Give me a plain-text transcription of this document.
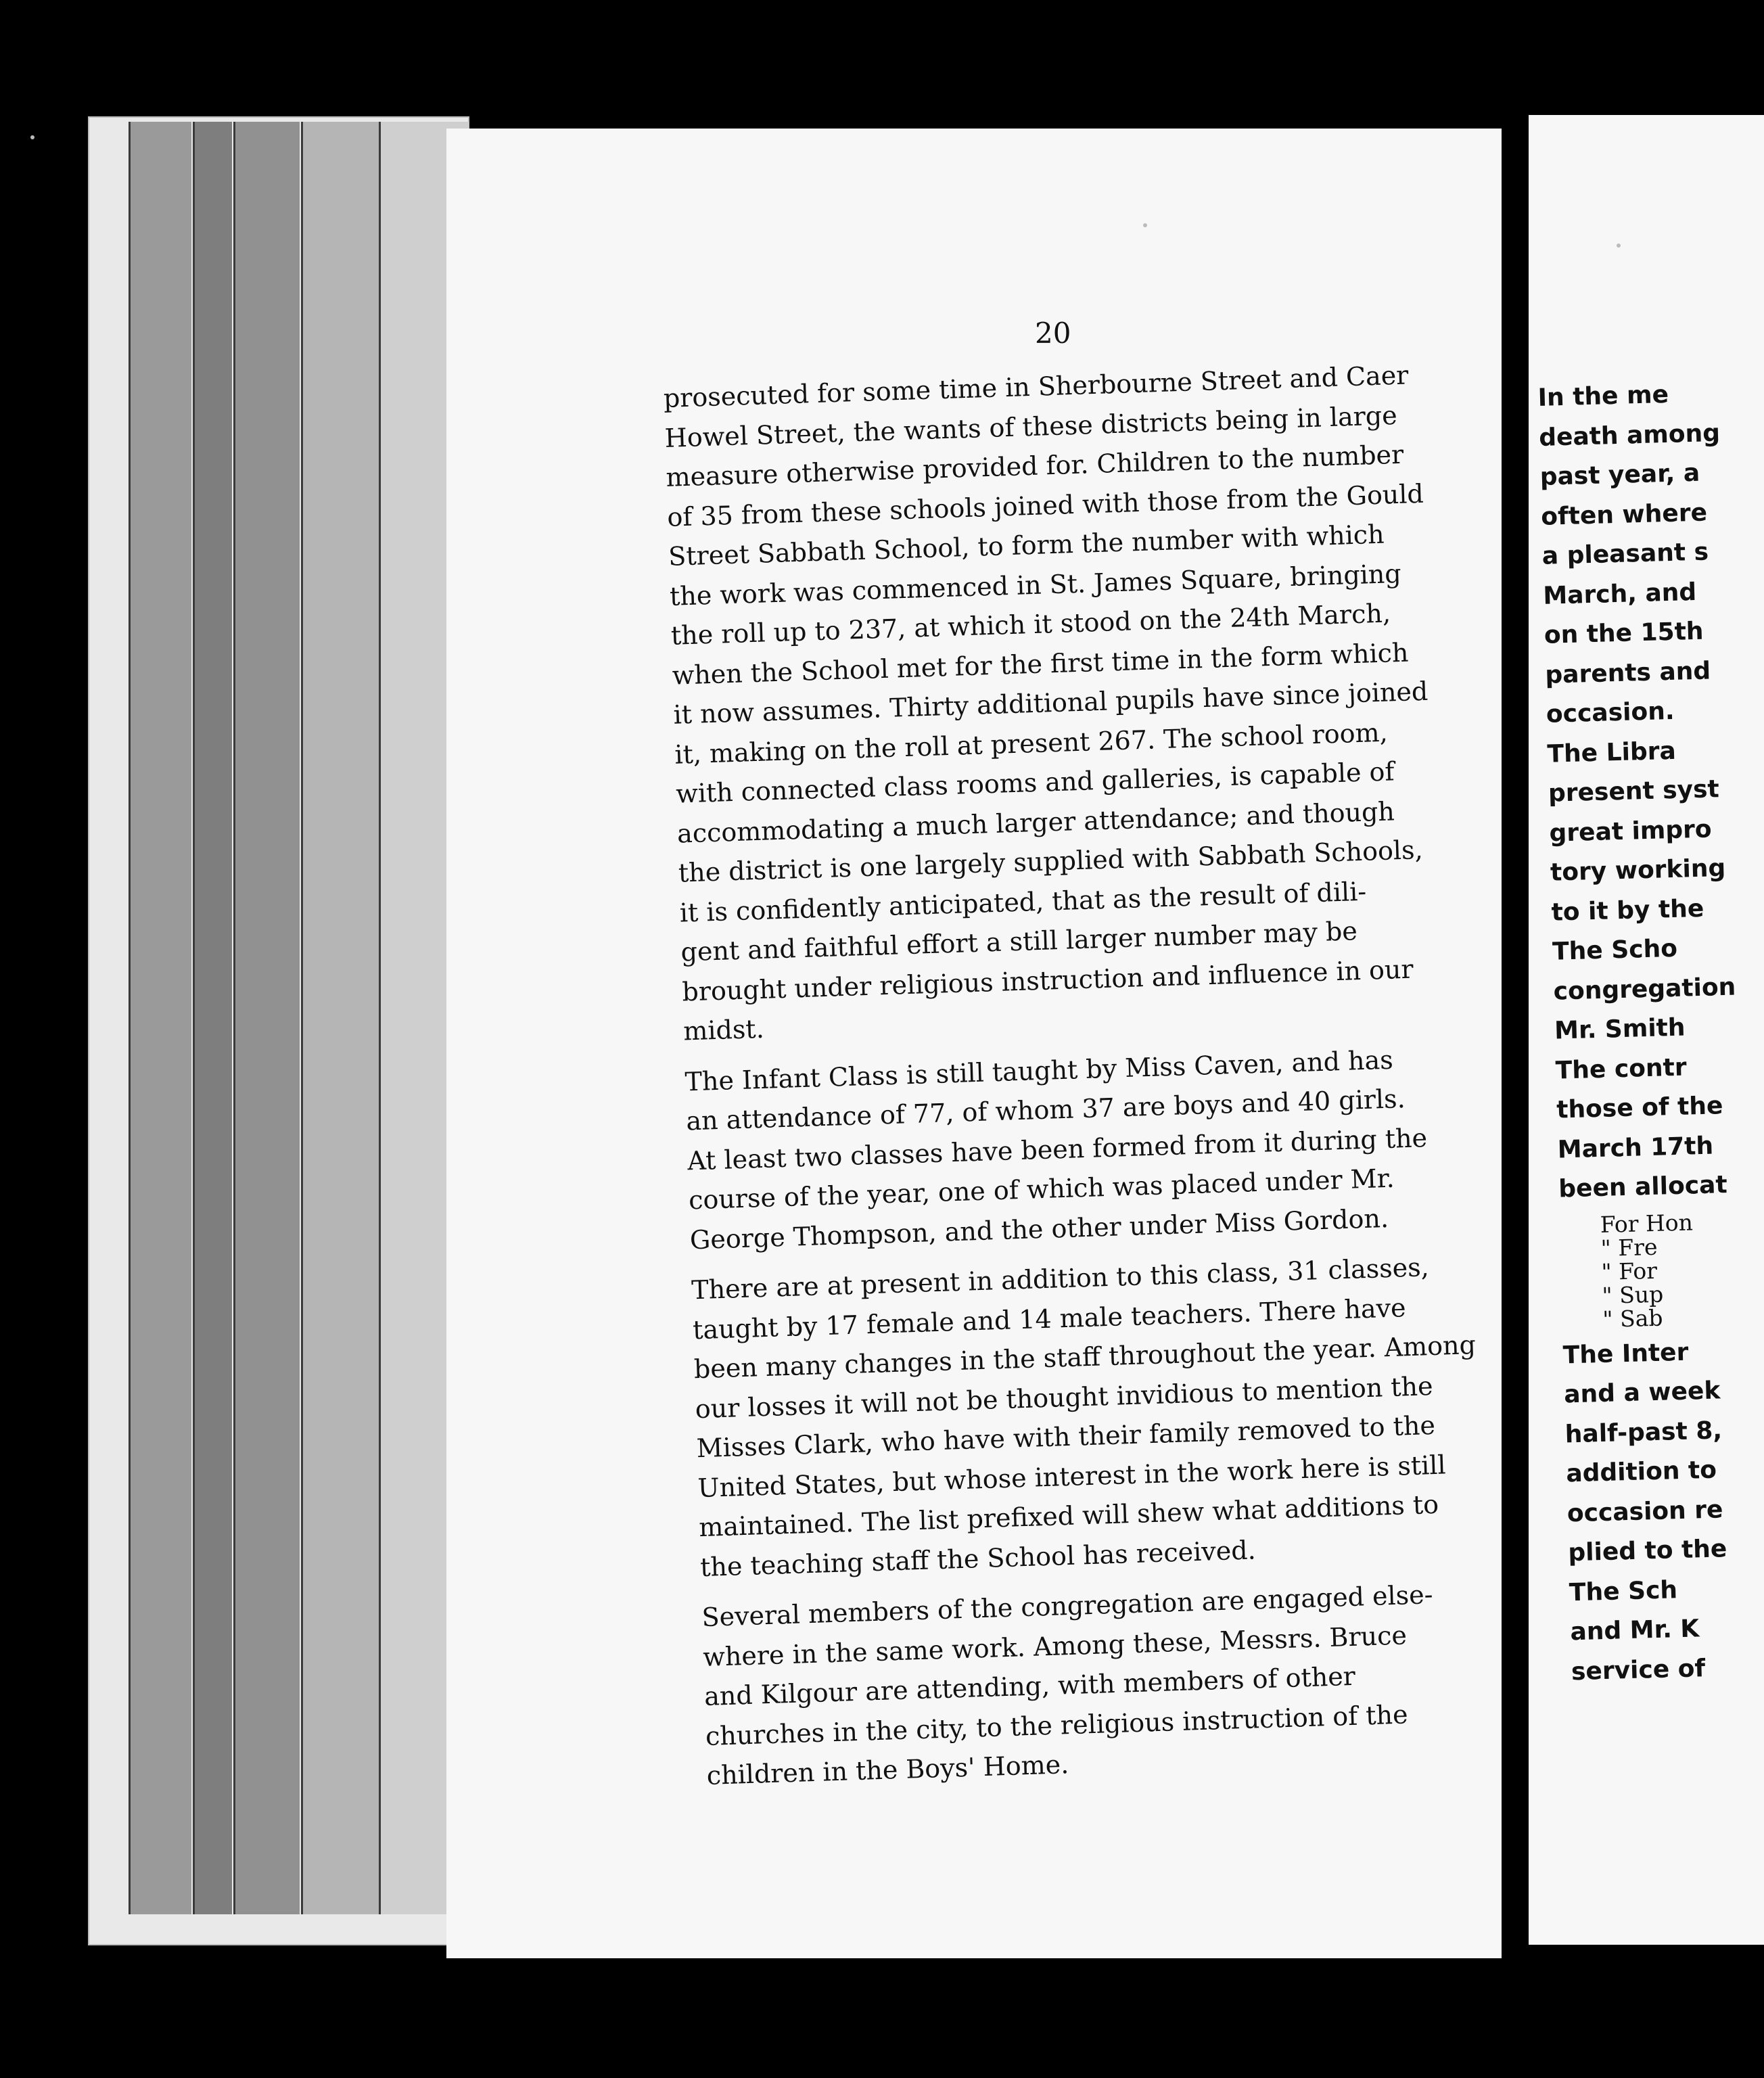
20
prosecuted for some time in Sherbourne Street and Caer
Howel Street, the wants of these districts being in large
measure otherwise provided for. Children to the number
of 35 from these schools joined with those from the Gould
Street Sabbath School, to form the number with which
the work was commenced in St. James Square, bringing
the roll up to 237, at which it stood on the 24th March,
when the School met for the first time in the form which
it now assumes. Thirty additional pupils have since joined
it, making on the roll at present 267. The school room,
with connected class rooms and galleries, is capable of
accommodating a much larger attendance; and though
the district is one largely supplied with Sabbath Schools,
it is confidently anticipated, that as the result of dili-
gent and faithful effort a still larger number may be
brought under religious instruction and influence in our
midst.
The Infant Class is still taught by Miss Caven, and has
an attendance of 77, of whom 37 are boys and 40 girls.
At least two classes have been formed from it during the
course of the year, one of which was placed under Mr.
George Thompson, and the other under Miss Gordon.
There are at present in addition to this class, 31 classes,
taught by 17 female and 14 male teachers. There have
been many changes in the staff throughout the year. Among
our losses it will not be thought invidious to mention the
Misses Clark, who have with their family removed to the
United States, but whose interest in the work here is still
maintained. The list prefixed will shew what additions to
the teaching staff the School has received.
Several members of the congregation are engaged else-
where in the same work. Among these, Messrs. Bruce
and Kilgour are attending, with members of other
churches in the city, to the religious instruction of the
children in the Boys' Home.
In the me
death among
past year, a
often where
a pleasant s
March, and
on the 15th
parents and
occasion.
The Libra
present syst
great impro
tory working
to it by the
The Scho
congregation
Mr. Smith
The contr
those of the
March 17th
been allocat
For Hon
" Fre
" For
" Sup
" Sab
The Inter
and a week
half-past 8,
addition to
occasion re
plied to the
The Sch
and Mr. K
service of
